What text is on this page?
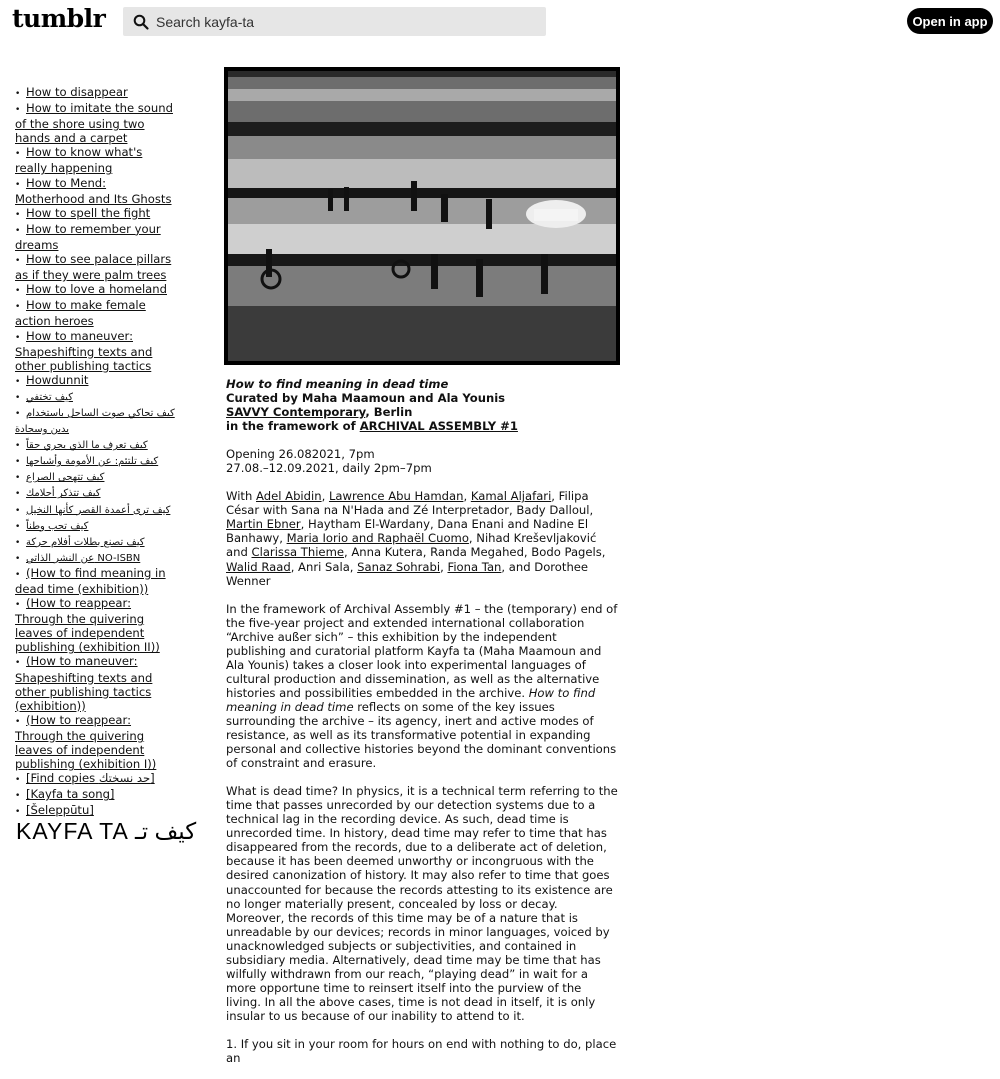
tumblr
Search kayfa-ta	Open in app
• How to disappear
• How to imitate the sound of the shore using two hands and a carpet
• How to know what's really happening
• How to Mend: Motherhood and Its Ghosts
• How to spell the fight
• How to remember your dreams
• How to see palace pillars as if they were palm trees
• How to love a homeland
• How to make female action heroes
• How to maneuver: Shapeshifting texts and other publishing tactics
• Howdunnit
• كيف تختفي
• كيف تحاكي صوت الساحل باستخدام يدين وسجادة
• كيف تعرف ما الذي يجري حقاً
• كيف تلتئم: عن الأمومة وأشباحها
• كيف تتهجى الصراع
• كيف تتذكر أحلامك
• كيف ترى أعمدة القصر كأنها النخيل
• كيف تحب وطناً
• كيف تصنع بطلات أفلام حركة
• عن النشر الذاتي NO-ISBN
• (How to find meaning in dead time (exhibition))
• (How to reappear: Through the quivering leaves of independent publishing (exhibition II))
• (How to maneuver: Shapeshifting texts and other publishing tactics (exhibition))
• (How to reappear: Through the quivering leaves of independent publishing (exhibition I))
• [Find copies جد نسختك]
• [Kayfa ta song]
• [Šeleppūtu]
KAYFA TA كيف تـ
How to find meaning in dead time
Curated by Maha Maamoun and Ala Younis
SAVVY Contemporary, Berlin
in the framework of ARCHIVAL ASSEMBLY #1

Opening 26.082021, 7pm
27.08.–12.09.2021, daily 2pm–7pm

With Adel Abidin, Lawrence Abu Hamdan, Kamal Aljafari, Filipa César with Sana na N'Hada and Zé Interpretador, Bady Dalloul, Martin Ebner, Haytham El-Wardany, Dana Enani and Nadine El Banhawy, Maria Iorio and Raphaël Cuomo, Nihad Kreševljaković and Clarissa Thieme, Anna Kutera, Randa Megahed, Bodo Pagels, Walid Raad, Anri Sala, Sanaz Sohrabi, Fiona Tan, and Dorothee Wenner

In the framework of Archival Assembly #1 – the (temporary) end of the five-year project and extended international collaboration “Archive außer sich” – this exhibition by the independent publishing and curatorial platform Kayfa ta (Maha Maamoun and Ala Younis) takes a closer look into experimental languages of cultural production and dissemination, as well as the alternative histories and possibilities embedded in the archive. How to find meaning in dead time reflects on some of the key issues surrounding the archive – its agency, inert and active modes of resistance, as well as its transformative potential in expanding personal and collective histories beyond the dominant conventions of constraint and erasure.

What is dead time? In physics, it is a technical term referring to the time that passes unrecorded by our detection systems due to a technical lag in the recording device. As such, dead time is unrecorded time. In history, dead time may refer to time that has disappeared from the records, due to a deliberate act of deletion, because it has been deemed unworthy or incongruous with the desired canonization of history. It may also refer to time that goes unaccounted for because the records attesting to its existence are no longer materially present, concealed by loss or decay. Moreover, the records of this time may be of a nature that is unreadable by our devices; records in minor languages, voiced by unacknowledged subjects or subjectivities, and contained in subsidiary media. Alternatively, dead time may be time that has wilfully withdrawn from our reach, “playing dead” in wait for a more opportune time to reinsert itself into the purview of the living. In all the above cases, time is not dead in itself, it is only insular to us because of our inability to attend to it.

1. If you sit in your room for hours on end with nothing to do, place an
